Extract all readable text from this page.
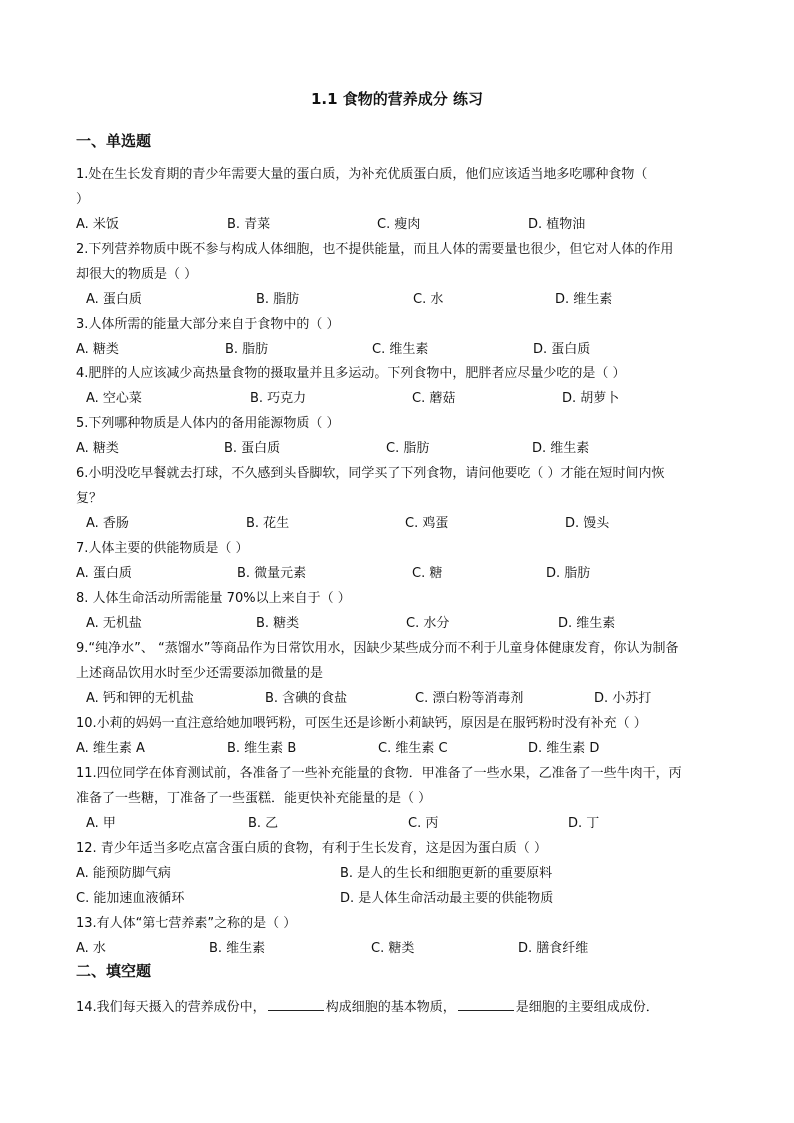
1.1 食物的营养成分 练习
一、单选题
1.处在生长发育期的青少年需要大量的蛋白质，为补充优质蛋白质，他们应该适当地多吃哪种食物（
）
A. 米饭	B. 青菜	C. 瘦肉	D. 植物油
2.下列营养物质中既不参与构成人体细胞，也不提供能量，而且人体的需要量也很少，但它对人体的作用
却很大的物质是（ ）
A. 蛋白质	B. 脂肪	C. 水	D. 维生素
3.人体所需的能量大部分来自于食物中的（ ）
A. 糖类	B. 脂肪	C. 维生素	D. 蛋白质
4.肥胖的人应该减少高热量食物的摄取量并且多运动。下列食物中，肥胖者应尽量少吃的是（ ）
A. 空心菜	B. 巧克力	C. 蘑菇	D. 胡萝卜
5.下列哪种物质是人体内的备用能源物质（ ）
A. 糖类	B. 蛋白质	C. 脂肪	D. 维生素
6.小明没吃早餐就去打球，不久感到头昏脚软，同学买了下列食物，请问他要吃（ ）才能在短时间内恢
复？
A. 香肠	B. 花生	C. 鸡蛋	D. 馒头
7.人体主要的供能物质是（ ）
A. 蛋白质	B. 微量元素	C. 糖	D. 脂肪
8. 人体生命活动所需能量 70%以上来自于（ ）
A. 无机盐	B. 糖类	C. 水分	D. 维生素
9.“纯净水”、 “蒸馏水”等商品作为日常饮用水，因缺少某些成分而不利于儿童身体健康发育，你认为制备
上述商品饮用水时至少还需要添加微量的是
A. 钙和钾的无机盐	B. 含碘的食盐	C. 漂白粉等消毒剂	D. 小苏打
10.小莉的妈妈一直注意给她加喂钙粉，可医生还是诊断小莉缺钙，原因是在服钙粉时没有补充（ ）
A. 维生素 A	B. 维生素 B	C. 维生素 C	D. 维生素 D
11.四位同学在体育测试前，各准备了一些补充能量的食物．甲准备了一些水果，乙准备了一些牛肉干，丙
准备了一些糖，丁准备了一些蛋糕．能更快补充能量的是（ ）
A. 甲	B. 乙	C. 丙	D. 丁
12. 青少年适当多吃点富含蛋白质的食物，有利于生长发育，这是因为蛋白质（ ）
A. 能预防脚气病	B. 是人的生长和细胞更新的重要原料
C. 能加速血液循环	D. 是人体生命活动最主要的供能物质
13.有人体“第七营养素”之称的是（ ）
A. 水	B. 维生素	C. 糖类	D. 膳食纤维
二、填空题
14.我们每天摄入的营养成份中，	构成细胞的基本物质，	是细胞的主要组成成份．
